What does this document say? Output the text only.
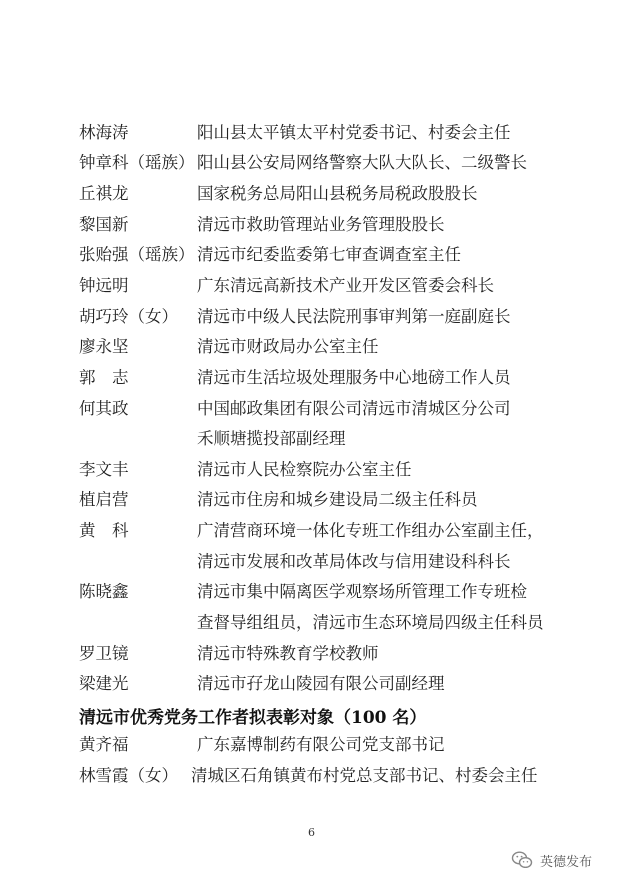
林海涛	阳山县太平镇太平村党委书记、村委会主任
钟章科（瑶族） 阳山县公安局网络警察大队大队长、二级警长
丘祺龙	国家税务总局阳山县税务局税政股股长
黎国新	清远市救助管理站业务管理股股长
张贻强（瑶族） 清远市纪委监委第七审查调查室主任
钟远明	广东清远高新技术产业开发区管委会科长
胡巧玲（女） 清远市中级人民法院刑事审判第一庭副庭长
廖永坚	清远市财政局办公室主任
郭　志	清远市生活垃圾处理服务中心地磅工作人员
何其政	中国邮政集团有限公司清远市清城区分公司
禾顺塘揽投部副经理
李文丰	清远市人民检察院办公室主任
植启营	清远市住房和城乡建设局二级主任科员
黄　科	广清营商环境一体化专班工作组办公室副主任，
清远市发展和改革局体改与信用建设科科长
陈晓鑫	清远市集中隔离医学观察场所管理工作专班检
查督导组组员，清远市生态环境局四级主任科员
罗卫镜	清远市特殊教育学校教师
梁建光	清远市孖龙山陵园有限公司副经理
清远市优秀党务工作者拟表彰对象（100 名）
黄齐福	广东嘉博制药有限公司党支部书记
林雪霞（女） 清城区石角镇黄布村党总支部书记、村委会主任
6
英德发布
